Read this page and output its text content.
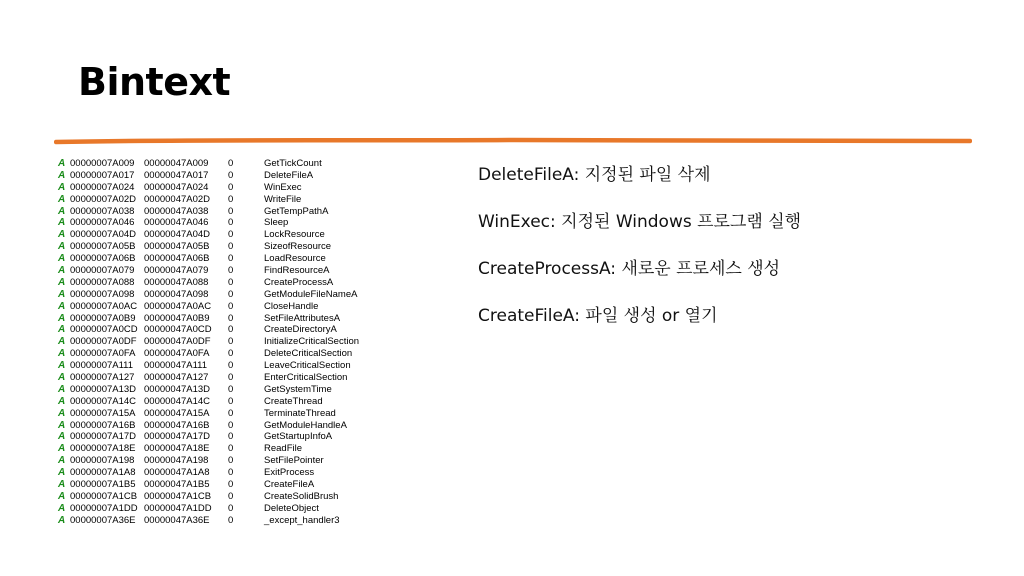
Bintext
A 00000007A009	00000047A009	0	GetTickCount
A 00000007A017	00000047A017	0	DeleteFileA
A 00000007A024	00000047A024	0	WinExec
A 00000007A02D 00000047A02D	0	WriteFile
A 00000007A038	00000047A038	0	GetTempPathA
A 00000007A046	00000047A046	0	Sleep
A 00000007A04D 00000047A04D	0	LockResource
A 00000007A05B 00000047A05B	0	SizeofResource
A 00000007A06B 00000047A06B	0	LoadResource
A 00000007A079	00000047A079	0	FindResourceA
A 00000007A088	00000047A088	0	CreateProcessA
A 00000007A098	00000047A098	0	GetModuleFileNameA
A 00000007A0AC 00000047A0AC	0	CloseHandle
A 00000007A0B9 00000047A0B9	0	SetFileAttributesA
A 00000007A0CD 00000047A0CD	0	CreateDirectoryA
A 00000007A0DF 00000047A0DF	0	InitializeCriticalSection
A 00000007A0FA 00000047A0FA	0	DeleteCriticalSection
A 00000007A111	00000047A111	0	LeaveCriticalSection
A 00000007A127	00000047A127	0	EnterCriticalSection
A 00000007A13D 00000047A13D	0	GetSystemTime
A 00000007A14C 00000047A14C	0	CreateThread
A 00000007A15A 00000047A15A	0	TerminateThread
A 00000007A16B 00000047A16B	0	GetModuleHandleA
A 00000007A17D 00000047A17D	0	GetStartupInfoA
A 00000007A18E 00000047A18E	0	ReadFile
A 00000007A198	00000047A198	0	SetFilePointer
A 00000007A1A8 00000047A1A8	0	ExitProcess
A 00000007A1B5 00000047A1B5	0	CreateFileA
A 00000007A1CB 00000047A1CB	0	CreateSolidBrush
A 00000007A1DD 00000047A1DD	0	DeleteObject
A 00000007A36E 00000047A36E	0	_except_handler3
DeleteFileA: 지정된 파일 삭제
WinExec: 지정된 Windows 프로그램 실행
CreateProcessA: 새로운 프로세스 생성
CreateFileA: 파일 생성 or 열기
